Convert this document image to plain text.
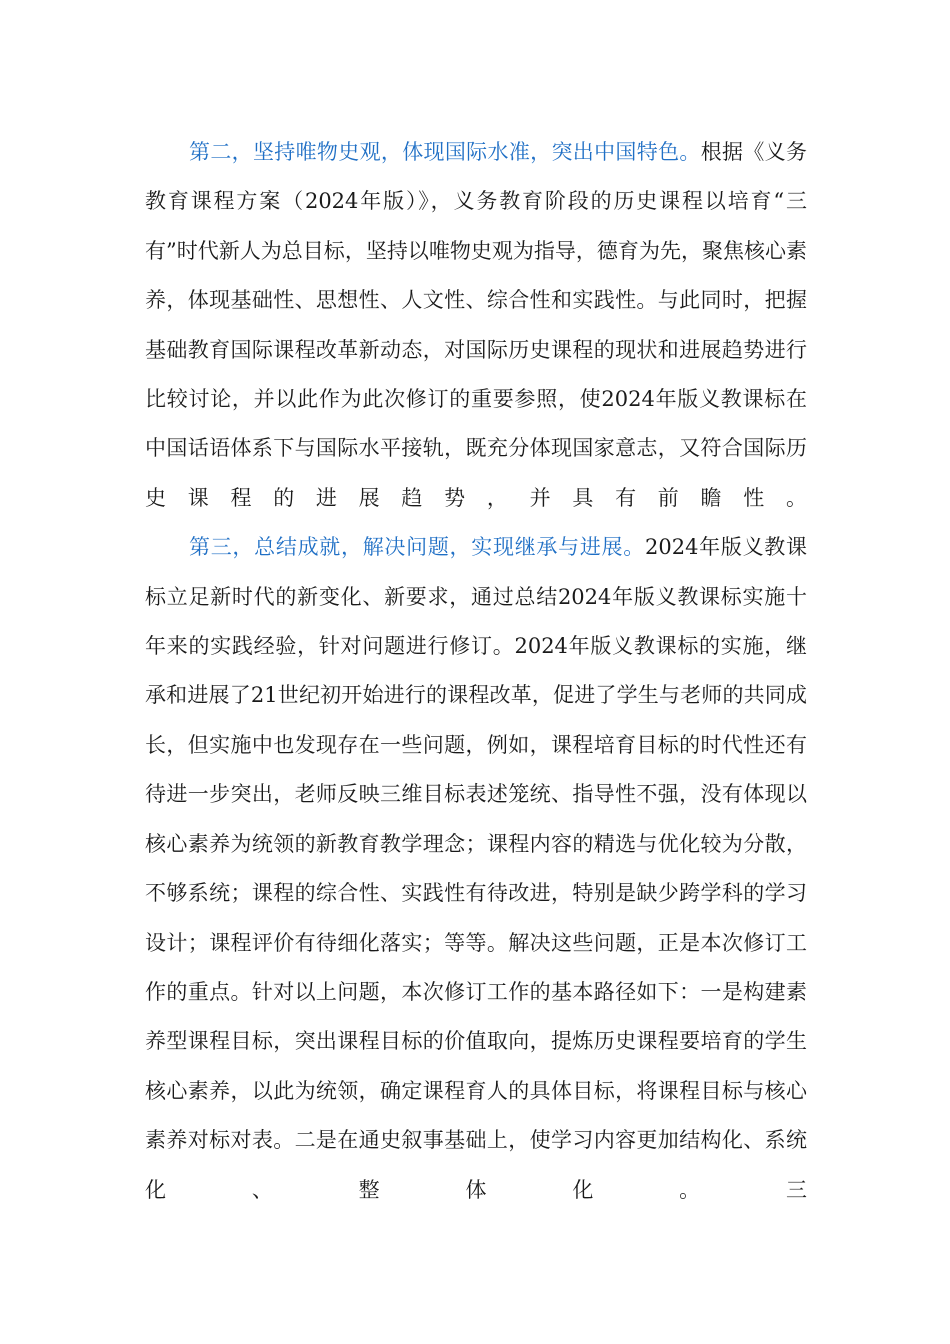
第二，坚持唯物史观，体现国际水准，突出中国特色。根据《义务教育课程方案（2024年版）》，义务教育阶段的历史课程以培育“三有”时代新人为总目标，坚持以唯物史观为指导，德育为先，聚焦核心素养，体现基础性、思想性、人文性、综合性和实践性。与此同时，把握基础教育国际课程改革新动态，对国际历史课程的现状和进展趋势进行比较讨论，并以此作为此次修订的重要参照，使2024年版义教课标在中国话语体系下与国际水平接轨，既充分体现国家意志，又符合国际历史课程的进展趋势，并具有前瞻性。

第三，总结成就，解决问题，实现继承与进展。2024年版义教课标立足新时代的新变化、新要求，通过总结2024年版义教课标实施十年来的实践经验，针对问题进行修订。2024年版义教课标的实施，继承和进展了21世纪初开始进行的课程改革，促进了学生与老师的共同成长，但实施中也发现存在一些问题，例如，课程培育目标的时代性还有待进一步突出，老师反映三维目标表述笼统、指导性不强，没有体现以核心素养为统领的新教育教学理念；课程内容的精选与优化较为分散，不够系统；课程的综合性、实践性有待改进，特别是缺少跨学科的学习设计；课程评价有待细化落实；等等。解决这些问题，正是本次修订工作的重点。针对以上问题，本次修订工作的基本路径如下：一是构建素养型课程目标，突出课程目标的价值取向，提炼历史课程要培育的学生核心素养，以此为统领，确定课程育人的具体目标，将课程目标与核心素养对标对表。二是在通史叙事基础上，使学习内容更加结构化、系统化、整体化。三
